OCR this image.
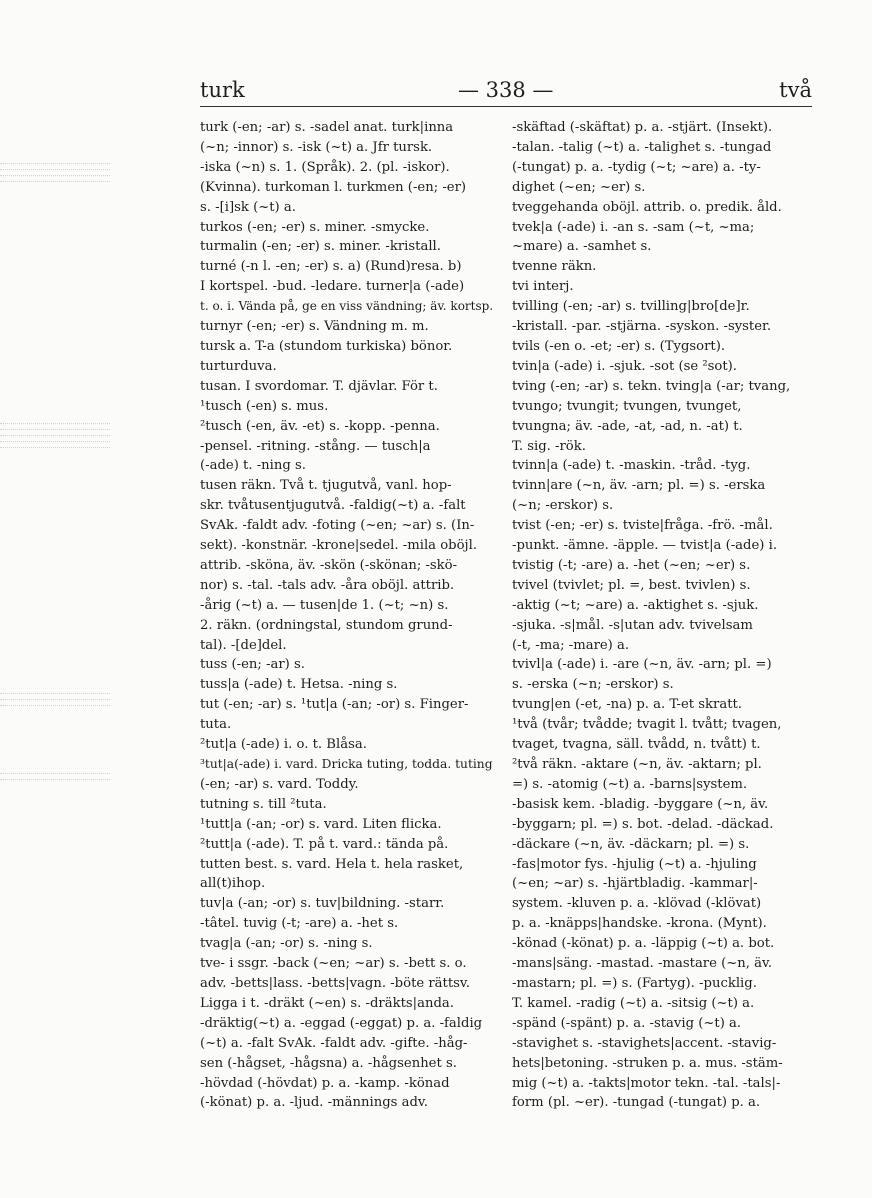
turk	— 338 —	två
turk (-en; -ar) s. -sadel anat. turk|inna
(~n; -innor) s. -isk (~t) a. Jfr tursk.
-iska (~n) s. 1. (Språk). 2. (pl. -iskor).
(Kvinna). turkoman l. turkmen (-en; -er)
s. -[i]sk (~t) a.
turkos (-en; -er) s. miner. -smycke.
turmalin (-en; -er) s. miner. -kristall.
turné (-n l. -en; -er) s. a) (Rund)resa. b)
I kortspel. -bud. -ledare. turner|a (-ade)
t. o. i. Vända på, ge en viss vändning; äv. kortsp.
turnyr (-en; -er) s. Vändning m. m.
tursk a. T-a (stundom turkiska) bönor.
turturduva.
tusan. I svordomar. T. djävlar. För t.
¹tusch (-en) s. mus.
²tusch (-en, äv. -et) s. -kopp. -penna.
-pensel. -ritning. -stång. — tusch|a
(-ade) t. -ning s.
tusen räkn. Två t. tjugutvå, vanl. hop-
skr. tvåtusentjugutvå. -faldig(~t) a. -falt
SvAk. -faldt adv. -foting (~en; ~ar) s. (In-
sekt). -konstnär. -krone|sedel. -mila oböjl.
attrib. -sköna, äv. -skön (-skönan; -skö-
nor) s. -tal. -tals adv. -åra oböjl. attrib.
-årig (~t) a. — tusen|de 1. (~t; ~n) s.
2. räkn. (ordningstal, stundom grund-
tal). -[de]del.
tuss (-en; -ar) s.
tuss|a (-ade) t. Hetsa. -ning s.
tut (-en; -ar) s. ¹tut|a (-an; -or) s. Finger-
tuta.
²tut|a (-ade) i. o. t. Blåsa.
³tut|a(-ade) i. vard. Dricka tuting, todda. tuting
(-en; -ar) s. vard. Toddy.
tutning s. till ²tuta.
¹tutt|a (-an; -or) s. vard. Liten flicka.
²tutt|a (-ade). T. på t. vard.: tända på.
tutten best. s. vard. Hela t. hela rasket,
all(t)ihop.
tuv|a (-an; -or) s. tuv|bildning. -starr.
-tâtel. tuvig (-t; -are) a. -het s.
tvag|a (-an; -or) s. -ning s.
tve- i ssgr. -back (~en; ~ar) s. -bett s. o.
adv. -betts|lass. -betts|vagn. -böte rättsv.
Ligga i t. -dräkt (~en) s. -dräkts|anda.
-dräktig(~t) a. -eggad (-eggat) p. a. -faldig
(~t) a. -falt SvAk. -faldt adv. -gifte. -håg-
sen (-hågset, -hågsna) a. -hågsenhet s.
-hövdad (-hövdat) p. a. -kamp. -könad
(-könat) p. a. -ljud. -männings adv.
-skäftad (-skäftat) p. a. -stjärt. (Insekt).
-talan. -talig (~t) a. -talighet s. -tungad
(-tungat) p. a. -tydig (~t; ~are) a. -ty-
dighet (~en; ~er) s.
tveggehanda oböjl. attrib. o. predik. åld.
tvek|a (-ade) i. -an s. -sam (~t, ~ma;
~mare) a. -samhet s.
tvenne räkn.
tvi interj.
tvilling (-en; -ar) s. tvilling|bro[de]r.
-kristall. -par. -stjärna. -syskon. -syster.
tvils (-en o. -et; -er) s. (Tygsort).
tvin|a (-ade) i. -sjuk. -sot (se ²sot).
tving (-en; -ar) s. tekn. tving|a (-ar; tvang,
tvungo; tvungit; tvungen, tvunget,
tvungna; äv. -ade, -at, -ad, n. -at) t.
T. sig. -rök.
tvinn|a (-ade) t. -maskin. -tråd. -tyg.
tvinn|are (~n, äv. -arn; pl. =) s. -erska
(~n; -erskor) s.
tvist (-en; -er) s. tviste|fråga. -frö. -mål.
-punkt. -ämne. -äpple. — tvist|a (-ade) i.
tvistig (-t; -are) a. -het (~en; ~er) s.
tvivel (tvivlet; pl. =, best. tvivlen) s.
-aktig (~t; ~are) a. -aktighet s. -sjuk.
-sjuka. -s|mål. -s|utan adv. tvivelsam
(-t, -ma; -mare) a.
tvivl|a (-ade) i. -are (~n, äv. -arn; pl. =)
s. -erska (~n; -erskor) s.
tvung|en (-et, -na) p. a. T-et skratt.
¹två (tvår; tvådde; tvagit l. tvått; tvagen,
tvaget, tvagna, säll. tvådd, n. tvått) t.
²två räkn. -aktare (~n, äv. -aktarn; pl.
=) s. -atomig (~t) a. -barns|system.
-basisk kem. -bladig. -byggare (~n, äv.
-byggarn; pl. =) s. bot. -delad. -däckad.
-däckare (~n, äv. -däckarn; pl. =) s.
-fas|motor fys. -hjulig (~t) a. -hjuling
(~en; ~ar) s. -hjärtbladig. -kammar|-
system. -kluven p. a. -klövad (-klövat)
p. a. -knäpps|handske. -krona. (Mynt).
-könad (-könat) p. a. -läppig (~t) a. bot.
-mans|säng. -mastad. -mastare (~n, äv.
-mastarn; pl. =) s. (Fartyg). -pucklig.
T. kamel. -radig (~t) a. -sitsig (~t) a.
-spänd (-spänt) p. a. -stavig (~t) a.
-stavighet s. -stavighets|accent. -stavig-
hets|betoning. -struken p. a. mus. -stäm-
mig (~t) a. -takts|motor tekn. -tal. -tals|-
form (pl. ~er). -tungad (-tungat) p. a.
